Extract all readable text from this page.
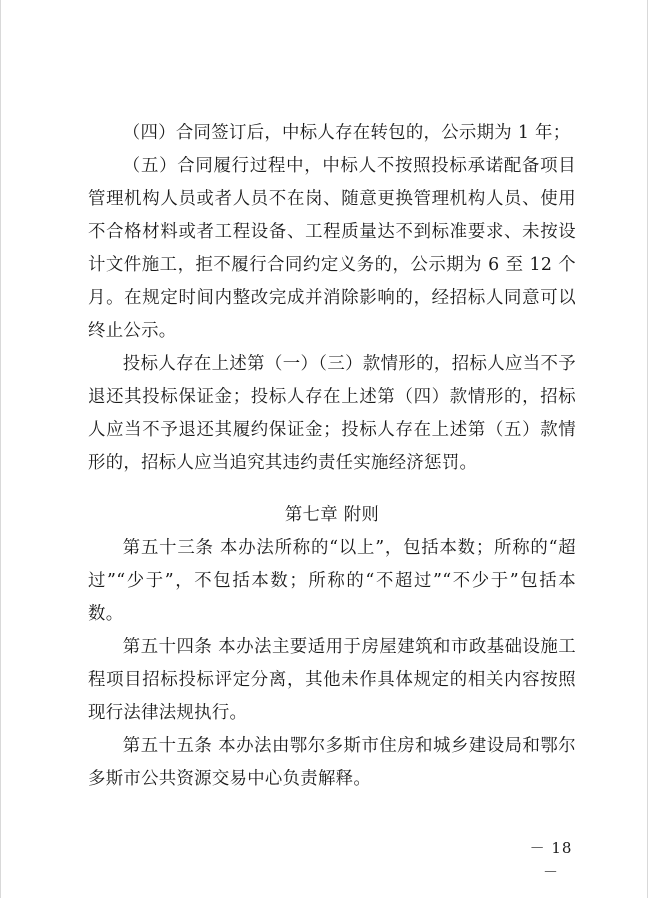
（四）合同签订后，中标人存在转包的，公示期为 1 年；

（五）合同履行过程中，中标人不按照投标承诺配备项目管理机构人员或者人员不在岗、随意更换管理机构人员、使用不合格材料或者工程设备、工程质量达不到标准要求、未按设计文件施工，拒不履行合同约定义务的，公示期为 6 至 12 个月。在规定时间内整改完成并消除影响的，经招标人同意可以终止公示。

投标人存在上述第（一）（三）款情形的，招标人应当不予退还其投标保证金；投标人存在上述第（四）款情形的，招标人应当不予退还其履约保证金；投标人存在上述第（五）款情形的，招标人应当追究其违约责任实施经济惩罚。

第七章 附则

第五十三条 本办法所称的“以上”，包括本数；所称的“超过”“少于”，不包括本数；所称的“不超过”“不少于”包括本数。

第五十四条 本办法主要适用于房屋建筑和市政基础设施工程项目招标投标评定分离，其他未作具体规定的相关内容按照现行法律法规执行。

第五十五条 本办法由鄂尔多斯市住房和城乡建设局和鄂尔多斯市公共资源交易中心负责解释。

－ 18 －
